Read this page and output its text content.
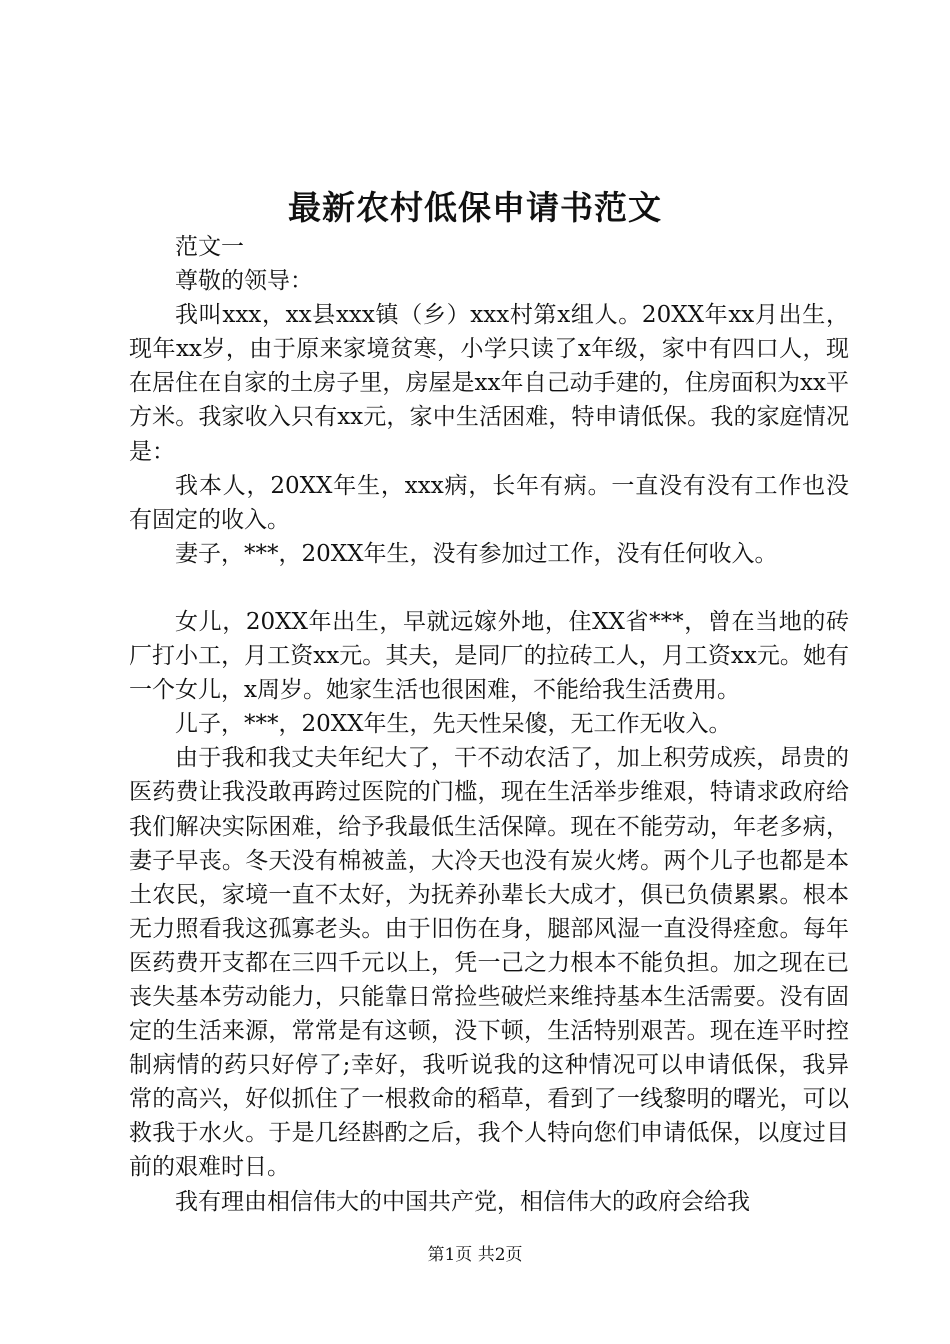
最新农村低保申请书范文

范文一

尊敬的领导：

我叫xxx，xx县xxx镇（乡）xxx村第x组人。20XX年xx月出生，现年xx岁，由于原来家境贫寒，小学只读了x年级，家中有四口人，现在居住在自家的土房子里，房屋是xx年自己动手建的，住房面积为xx平方米。我家收入只有xx元，家中生活困难，特申请低保。我的家庭情况是：

我本人，20XX年生，xxx病，长年有病。一直没有没有工作也没有固定的收入。

妻子，***，20XX年生，没有参加过工作，没有任何收入。

女儿，20XX年出生，早就远嫁外地，住XX省***，曾在当地的砖厂打小工，月工资xx元。其夫，是同厂的拉砖工人，月工资xx元。她有一个女儿，x周岁。她家生活也很困难，不能给我生活费用。

儿子，***，20XX年生，先天性呆傻，无工作无收入。

由于我和我丈夫年纪大了，干不动农活了，加上积劳成疾，昂贵的医药费让我没敢再跨过医院的门槛，现在生活举步维艰，特请求政府给我们解决实际困难，给予我最低生活保障。现在不能劳动，年老多病，妻子早丧。冬天没有棉被盖，大冷天也没有炭火烤。两个儿子也都是本土农民，家境一直不太好，为抚养孙辈长大成才，俱已负债累累。根本无力照看我这孤寡老头。由于旧伤在身，腿部风湿一直没得痊愈。每年医药费开支都在三四千元以上，凭一己之力根本不能负担。加之现在已丧失基本劳动能力，只能靠日常捡些破烂来维持基本生活需要。没有固定的生活来源，常常是有这顿，没下顿，生活特别艰苦。现在连平时控制病情的药只好停了;幸好，我听说我的这种情况可以申请低保，我异常的高兴，好似抓住了一根救命的稻草，看到了一线黎明的曙光，可以救我于水火。于是几经斟酌之后，我个人特向您们申请低保，以度过目前的艰难时日。

我有理由相信伟大的中国共产党，相信伟大的政府会给我

第1页 共2页
